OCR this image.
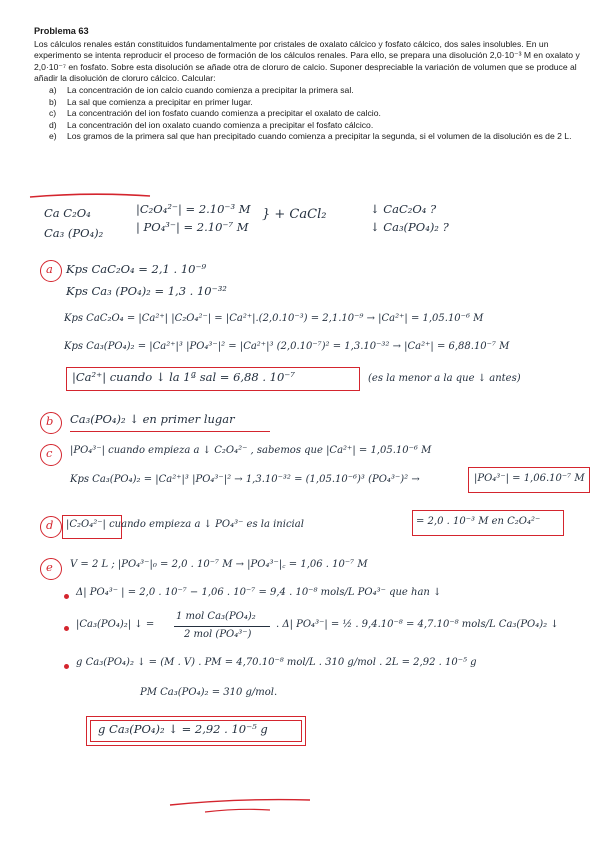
Problema 63

Los cálculos renales están constituidos fundamentalmente por cristales de oxalato cálcico y fosfato cálcico, dos sales insolubles. En un experimento se intenta reproducir el proceso de formación de los cálculos renales. Para ello, se prepara una disolución 2,0·10⁻³ M en oxalato y 2,0·10⁻⁷ en fosfato. Sobre esta disolución se añade otra de cloruro de calcio. Suponer despreciable la variación de volumen que se produce al añadir la disolución de cloruro cálcico. Calcular:

a) La concentración de ion calcio cuando comienza a precipitar la primera sal.
b) La sal que comienza a precipitar en primer lugar.
c) La concentración del ion fosfato cuando comienza a precipitar el oxalato de calcio.
d) La concentración del ion oxalato cuando comienza a precipitar el fosfato cálcico.
e) Los gramos de la primera sal que han precipitado cuando comienza a precipitar la segunda, si el volumen de la disolución es de 2 L.
Ca C₂O₄
Ca₃ (PO₄)₂
|C₂O₄²⁻| = 2.10⁻³ M
| PO₄³⁻| = 2.10⁻⁷ M
} + CaCl₂	↓ CaC₂O₄ ?
↓ Ca₃(PO₄)₂ ?
a Kps CaC₂O₄ = 2,1 . 10⁻⁹
Kps Ca₃ (PO₄)₂ = 1,3 . 10⁻³²
Kps CaC₂O₄ = |Ca²⁺| |C₂O₄²⁻| = |Ca²⁺|.(2,0.10⁻³) = 2,1.10⁻⁹ → |Ca²⁺| = 1,05.10⁻⁶ M
Kps Ca₃(PO₄)₂ = |Ca²⁺|³ |PO₄³⁻|² = |Ca²⁺|³ (2,0.10⁻⁷)² = 1,3.10⁻³² → |Ca²⁺| = 6,88.10⁻⁷ M
|Ca²⁺| cuando ↓ la 1ª sal = 6,88 . 10⁻⁷	(es la menor a la que ↓ antes)
b Ca₃(PO₄)₂ ↓ en primer lugar
c |PO₄³⁻| cuando empieza a ↓ C₂O₄²⁻ , sabemos que |Ca²⁺| = 1,05.10⁻⁶ M
Kps Ca₃(PO₄)₂ = |Ca²⁺|³ |PO₄³⁻|² → 1,3.10⁻³² = (1,05.10⁻⁶)³ (PO₄³⁻)² →	|PO₄³⁻| = 1,06.10⁻⁷ M
d |C₂O₄²⁻| cuando empieza a ↓ PO₄³⁻ es la inicial	= 2,0 . 10⁻³ M en C₂O₄²⁻
e V = 2 L ; |PO₄³⁻|₀ = 2,0 . 10⁻⁷ M → |PO₄³⁻|꜀ = 1,06 . 10⁻⁷ M
Δ| PO₄³⁻ | = 2,0 . 10⁻⁷ − 1,06 . 10⁻⁷ = 9,4 . 10⁻⁸ mols/L PO₄³⁻ que han ↓
|Ca₃(PO₄)₂| ↓ =
1 mol Ca₃(PO₄)₂
2 mol (PO₄³⁻)
. Δ| PO₄³⁻| = ½ . 9,4.10⁻⁸ = 4,7.10⁻⁸ mols/L Ca₃(PO₄)₂ ↓
g Ca₃(PO₄)₂ ↓ = (M . V) . PM = 4,70.10⁻⁸ mol/L . 310 g/mol . 2L = 2,92 . 10⁻⁵ g
PM Ca₃(PO₄)₂ = 310 g/mol.
g Ca₃(PO₄)₂ ↓ = 2,92 . 10⁻⁵ g
